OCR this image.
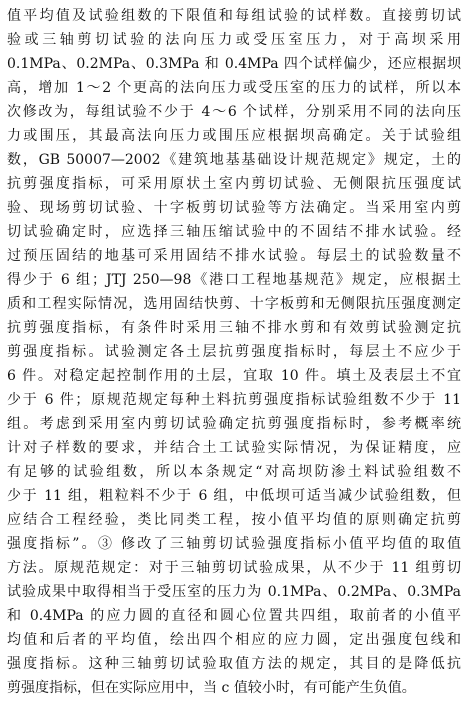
值平均值及试验组数的下限值和每组试验的试样数。直接剪切试
验或三轴剪切试验的法向压力或受压室压力，对于高坝采用
0.1MPa、0.2MPa、0.3MPa 和 0.4MPa 四个试样偏少，还应根据坝
高，增加 1～2 个更高的法向压力或受压室的压力的试样，所以本
次修改为，每组试验不少于 4～6 个试样，分别采用不同的法向压
力或围压，其最高法向压力或围压应根据坝高确定。关于试验组
数，GB 50007—2002《建筑地基基础设计规范规定》规定，土的
抗剪强度指标，可采用原状土室内剪切试验、无侧限抗压强度试
验、现场剪切试验、十字板剪切试验等方法确定。当采用室内剪
切试验确定时，应选择三轴压缩试验中的不固结不排水试验。经
过预压固结的地基可采用固结不排水试验。每层土的试验数量不
得少于 6 组；JTJ 250—98《港口工程地基规范》规定，应根据土
质和工程实际情况，选用固结快剪、十字板剪和无侧限抗压强度测定
抗剪强度指标，有条件时采用三轴不排水剪和有效剪试验测定抗
剪强度指标。试验测定各土层抗剪强度指标时，每层土不应少于
6 件。对稳定起控制作用的土层，宜取 10 件。填土及表层土不宜
少于 6 件；原规范规定每种土料抗剪强度指标试验组数不少于 11
组。考虑到采用室内剪切试验确定抗剪强度指标时，参考概率统
计对子样数的要求，并结合土工试验实际情况，为保证精度，应
有足够的试验组数，所以本条规定“对高坝防渗土料试验组数不
少于 11 组，粗粒料不少于 6 组，中低坝可适当减少试验组数，但
应结合工程经验，类比同类工程，按小值平均值的原则确定抗剪
强度指标”。③ 修改了三轴剪切试验强度指标小值平均值的取值
方法。原规范规定：对于三轴剪切试验成果，从不少于 11 组剪切
试验成果中取得相当于受压室的压力为 0.1MPa、0.2MPa、0.3MPa
和 0.4MPa 的应力圆的直径和圆心位置共四组，取前者的小值平
均值和后者的平均值，绘出四个相应的应力圆，定出强度包线和
强度指标。这种三轴剪切试验取值方法的规定，其目的是降低抗
剪强度指标，但在实际应用中，当 c 值较小时，有可能产生负值。
